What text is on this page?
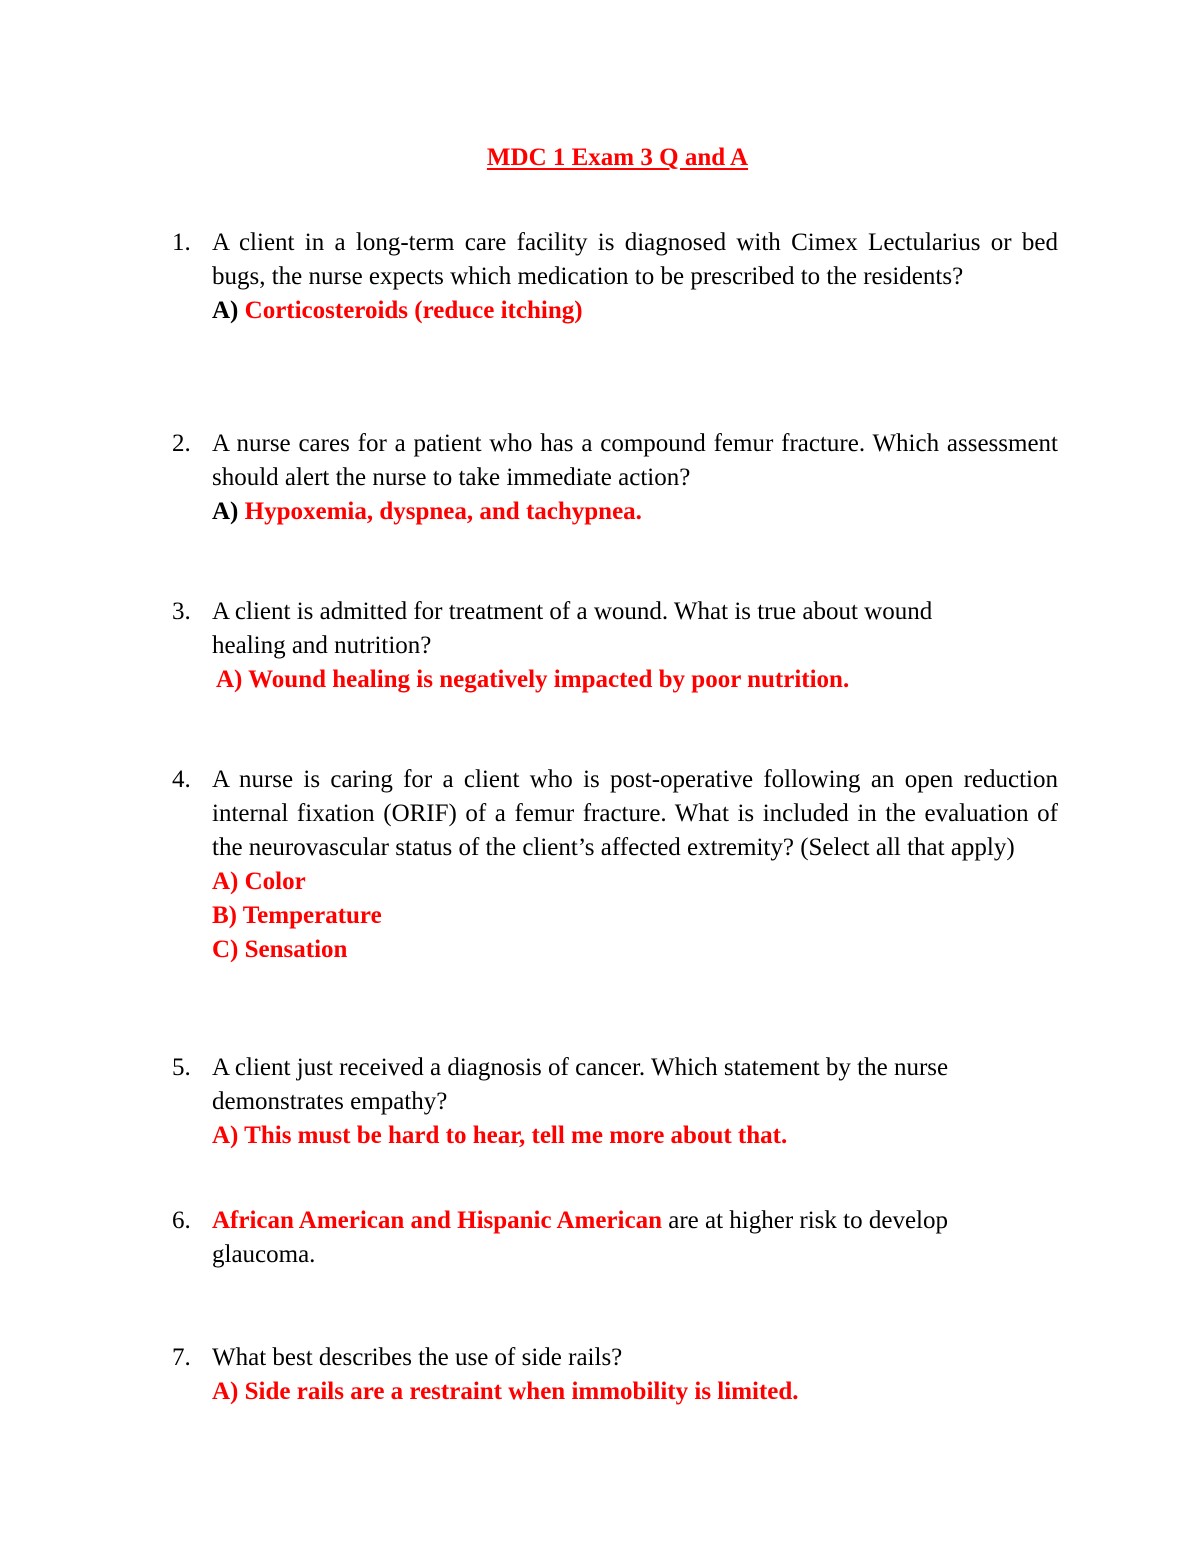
MDC 1 Exam 3 Q and A
1. A client in a long-term care facility is diagnosed with Cimex Lectularius or bed bugs, the nurse expects which medication to be prescribed to the residents?

A) Corticosteroids (reduce itching)

2. A nurse cares for a patient who has a compound femur fracture. Which assessment should alert the nurse to take immediate action?

A) Hypoxemia, dyspnea, and tachypnea.

3. A client is admitted for treatment of a wound. What is true about wound healing and nutrition?

A) Wound healing is negatively impacted by poor nutrition.

4. A nurse is caring for a client who is post-operative following an open reduction internal fixation (ORIF) of a femur fracture. What is included in the evaluation of the neurovascular status of the client’s affected extremity? (Select all that apply)

A) Color

B) Temperature

C) Sensation

5. A client just received a diagnosis of cancer. Which statement by the nurse demonstrates empathy?

A) This must be hard to hear, tell me more about that.

6. African American and Hispanic American are at higher risk to develop glaucoma.

7. What best describes the use of side rails?

A) Side rails are a restraint when immobility is limited.
